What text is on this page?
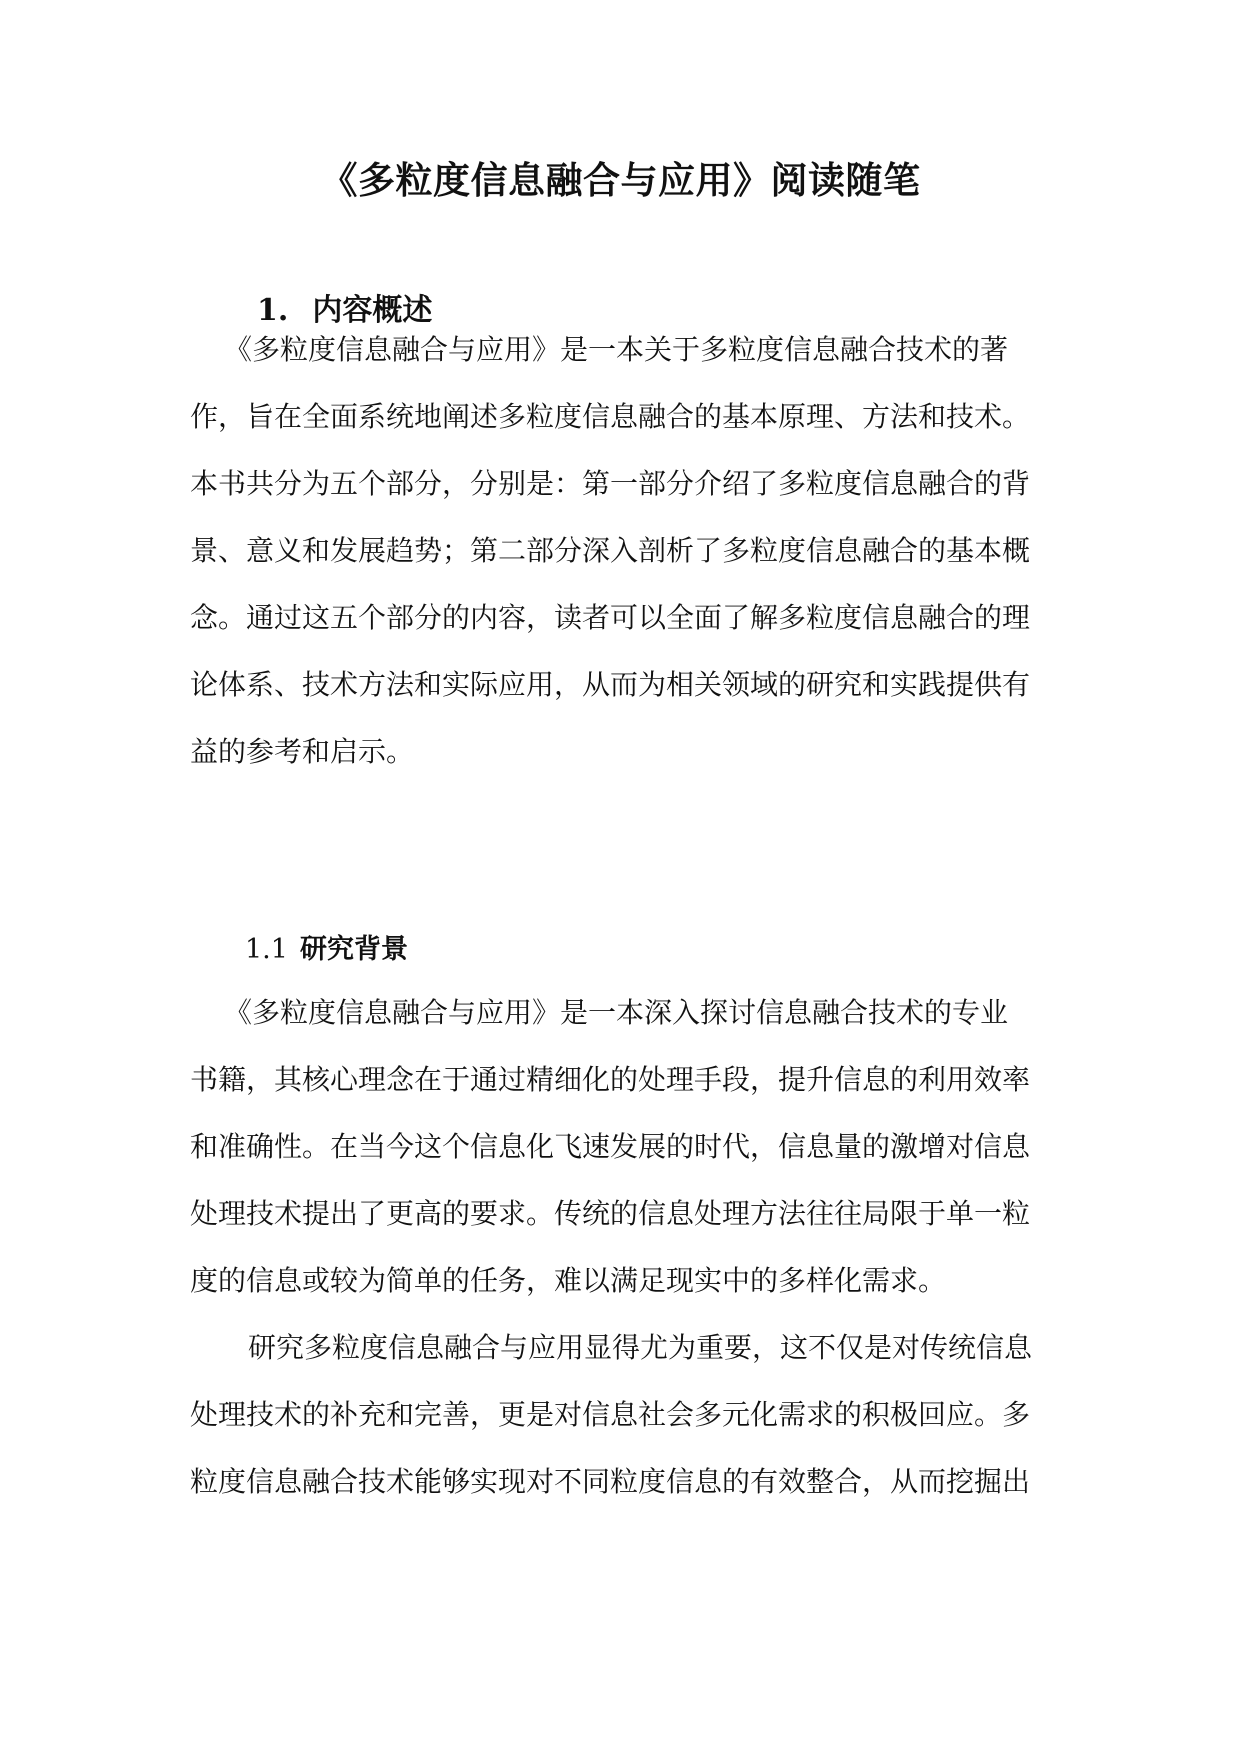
《多粒度信息融合与应用》阅读随笔
1. 内容概述
《多粒度信息融合与应用》是一本关于多粒度信息融合技术的著
作，旨在全面系统地阐述多粒度信息融合的基本原理、方法和技术。
本书共分为五个部分，分别是：第一部分介绍了多粒度信息融合的背
景、意义和发展趋势；第二部分深入剖析了多粒度信息融合的基本概
念。通过这五个部分的内容，读者可以全面了解多粒度信息融合的理
论体系、技术方法和实际应用，从而为相关领域的研究和实践提供有
益的参考和启示。
1.1 研究背景
《多粒度信息融合与应用》是一本深入探讨信息融合技术的专业
书籍，其核心理念在于通过精细化的处理手段，提升信息的利用效率
和准确性。在当今这个信息化飞速发展的时代，信息量的激增对信息
处理技术提出了更高的要求。传统的信息处理方法往往局限于单一粒
度的信息或较为简单的任务，难以满足现实中的多样化需求。
研究多粒度信息融合与应用显得尤为重要，这不仅是对传统信息
处理技术的补充和完善，更是对信息社会多元化需求的积极回应。多
粒度信息融合技术能够实现对不同粒度信息的有效整合，从而挖掘出
